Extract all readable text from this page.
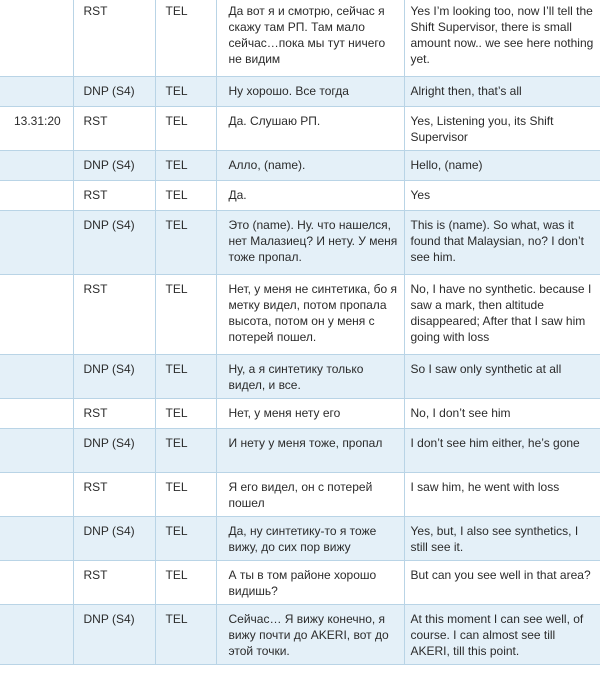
	RST	TEL	Да вот я и смотрю, сейчас я скажу там РП. Там мало сейчас…пока мы тут ничего не видим	Yes I’m looking too, now I’ll tell the Shift Supervisor, there is small amount now.. we see here nothing yet.
	DNP (S4)	TEL	Ну хорошо. Все тогда	Alright then, that’s all
13.31:20	RST	TEL	Да. Слушаю РП.	Yes, Listening you, its Shift Supervisor
	DNP (S4)	TEL	Алло, (name).	Hello, (name)
	RST	TEL	Да.	Yes
	DNP (S4)	TEL	Это (name). Ну. что нашелся, нет Малазиец? И нету. У меня тоже пропал.	This is (name). So what, was it found that Malaysian, no? I don’t see him.
	RST	TEL	Нет, у меня не синтетика, бо я метку видел, потом пропала высота, потом он у меня с потерей пошел.	No, I have no synthetic. because I saw a mark, then altitude disappeared; After that I saw him going with loss
	DNP (S4)	TEL	Ну, а я синтетику только видел, и все.	So I saw only synthetic at all
	RST	TEL	Нет, у меня нету его	No, I don’t see him
	DNP (S4)	TEL	И нету у меня тоже, пропал	I don’t see him either, he’s gone
	RST	TEL	Я его видел, он с потерей пошел	I saw him, he went with loss
	DNP (S4)	TEL	Да, ну синтетику-то я тоже вижу, до сих пор вижу	Yes, but, I also see synthetics, I still see it.
	RST	TEL	А ты в том районе хорошо видишь?	But can you see well in that area?
	DNP (S4)	TEL	Сейчас… Я вижу конечно, я вижу почти до AKERI, вот до этой точки.	At this moment I can see well, of course. I can almost see till AKERI, till this point.
